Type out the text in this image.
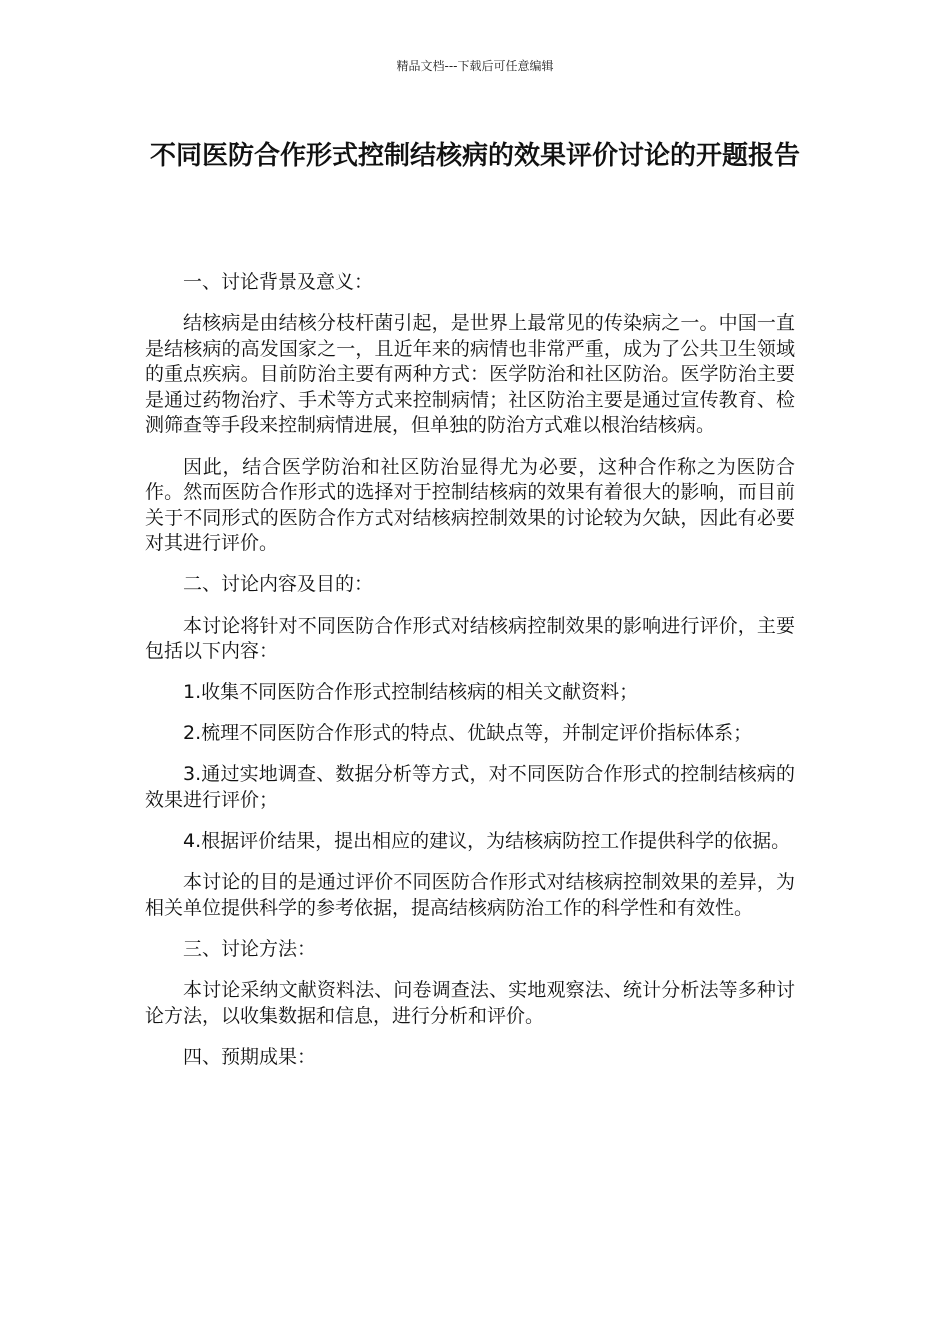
精品文档---下载后可任意编辑
不同医防合作形式控制结核病的效果评价讨论的开题报告

一、讨论背景及意义：

结核病是由结核分枝杆菌引起，是世界上最常见的传染病之一。中国一直是结核病的高发国家之一，且近年来的病情也非常严重，成为了公共卫生领域的重点疾病。目前防治主要有两种方式：医学防治和社区防治。医学防治主要是通过药物治疗、手术等方式来控制病情；社区防治主要是通过宣传教育、检测筛查等手段来控制病情进展，但单独的防治方式难以根治结核病。

因此，结合医学防治和社区防治显得尤为必要，这种合作称之为医防合作。然而医防合作形式的选择对于控制结核病的效果有着很大的影响，而目前关于不同形式的医防合作方式对结核病控制效果的讨论较为欠缺，因此有必要对其进行评价。

二、讨论内容及目的：

本讨论将针对不同医防合作形式对结核病控制效果的影响进行评价，主要包括以下内容：

1.收集不同医防合作形式控制结核病的相关文献资料；

2.梳理不同医防合作形式的特点、优缺点等，并制定评价指标体系；

3.通过实地调查、数据分析等方式，对不同医防合作形式的控制结核病的效果进行评价；

4.根据评价结果，提出相应的建议，为结核病防控工作提供科学的依据。

本讨论的目的是通过评价不同医防合作形式对结核病控制效果的差异，为相关单位提供科学的参考依据，提高结核病防治工作的科学性和有效性。

三、讨论方法：

本讨论采纳文献资料法、问卷调查法、实地观察法、统计分析法等多种讨论方法，以收集数据和信息，进行分析和评价。

四、预期成果：
